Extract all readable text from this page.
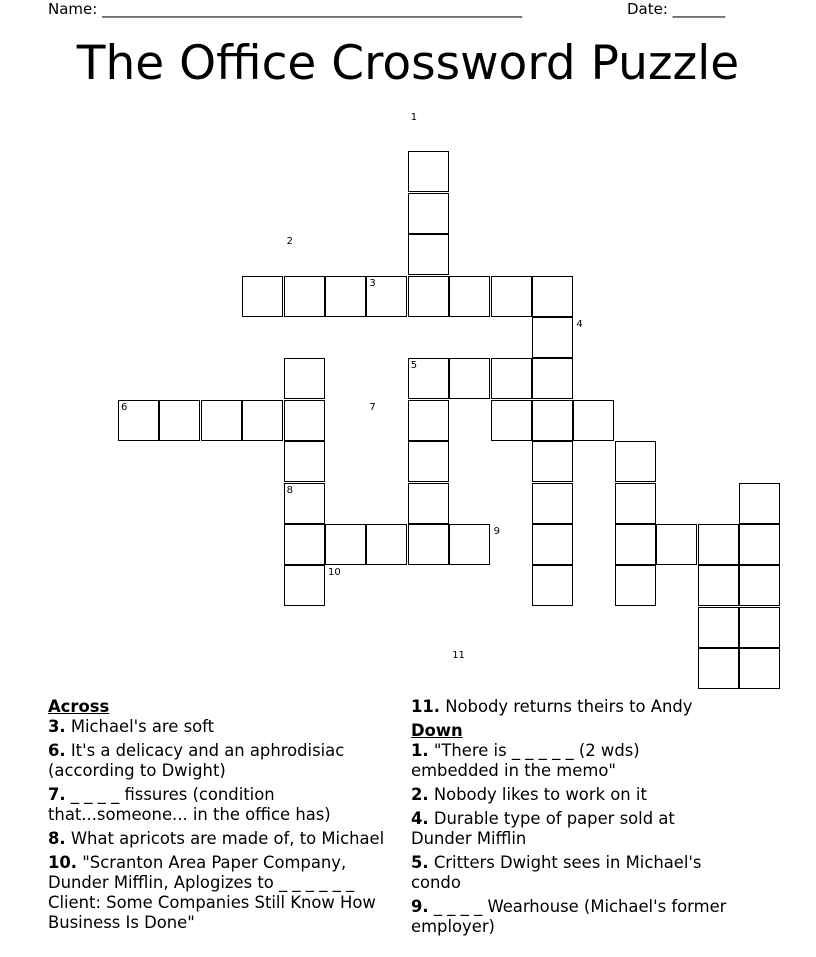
Name: ________________________________________________________	Date: _______
The Office Crossword Puzzle
1
2
3
4
5
6	7
8
9
10
11
Across

3. Michael's are soft

6. It's a delicacy and an aphrodisiac (according to Dwight)

7. _ _ _ _ fissures (condition that...someone... in the office has)

8. What apricots are made of, to Michael

10. "Scranton Area Paper Company, Dunder Mifflin, Aplogizes to _ _ _ _ _ _ Client: Some Companies Still Know How Business Is Done"

11. Nobody returns theirs to Andy

Down

1. "There is _ _ _ _ _ (2 wds) embedded in the memo"

2. Nobody likes to work on it

4. Durable type of paper sold at Dunder Mifflin

5. Critters Dwight sees in Michael's condo

9. _ _ _ _ Wearhouse (Michael's former employer)
